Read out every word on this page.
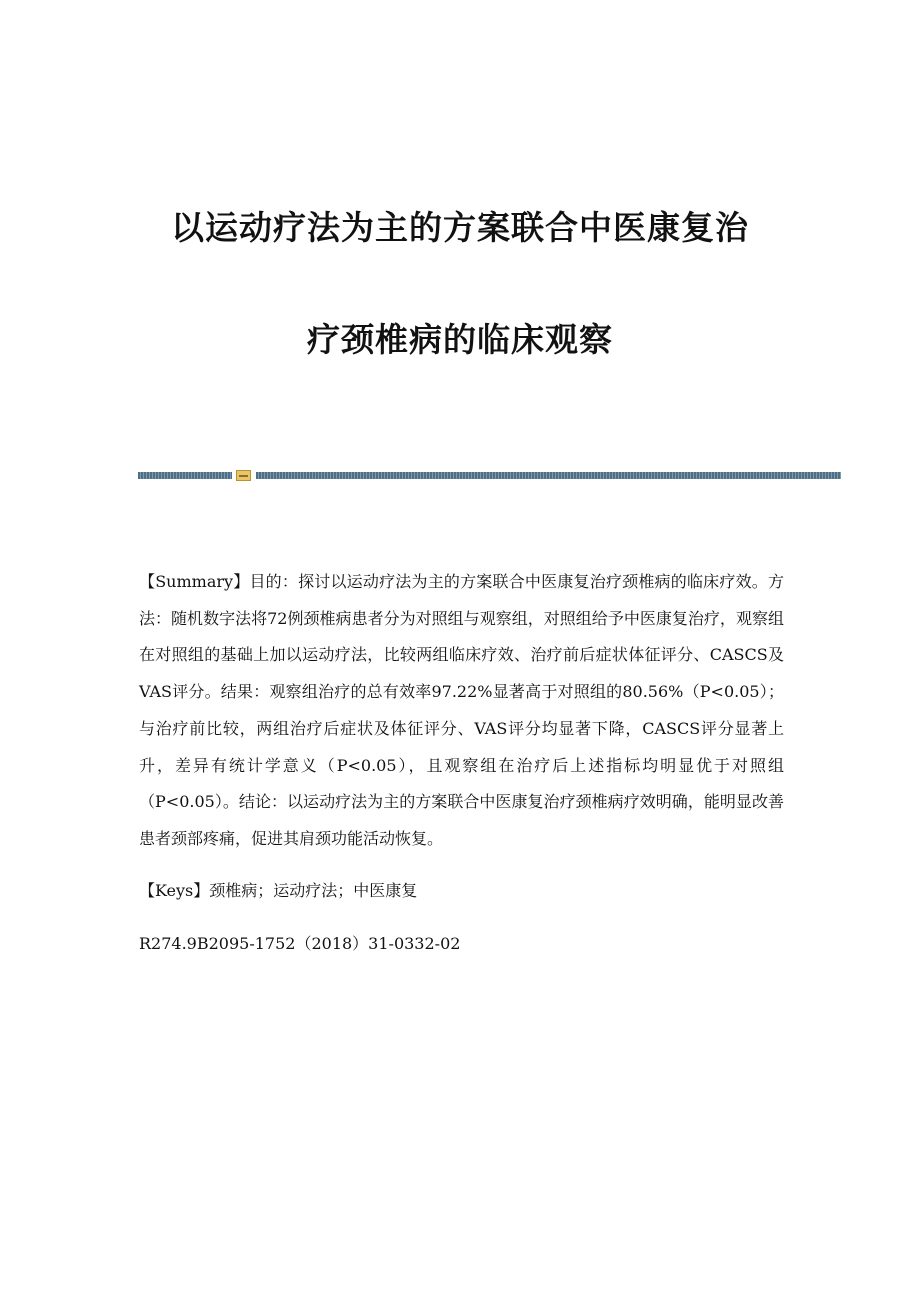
以运动疗法为主的方案联合中医康复治
疗颈椎病的临床观察

【Summary】目的：探讨以运动疗法为主的方案联合中医康复治疗颈椎病的临床疗效。方法：随机数字法将72例颈椎病患者分为对照组与观察组，对照组给予中医康复治疗，观察组在对照组的基础上加以运动疗法，比较两组临床疗效、治疗前后症状体征评分、CASCS及VAS评分。结果：观察组治疗的总有效率97.22%显著高于对照组的80.56%（P<0.05）；与治疗前比较，两组治疗后症状及体征评分、VAS评分均显著下降，CASCS评分显著上升，差异有统计学意义（P<0.05），且观察组在治疗后上述指标均明显优于对照组（P<0.05）。结论：以运动疗法为主的方案联合中医康复治疗颈椎病疗效明确，能明显改善患者颈部疼痛，促进其肩颈功能活动恢复。

【Keys】颈椎病；运动疗法；中医康复

R274.9B2095-1752（2018）31-0332-02
